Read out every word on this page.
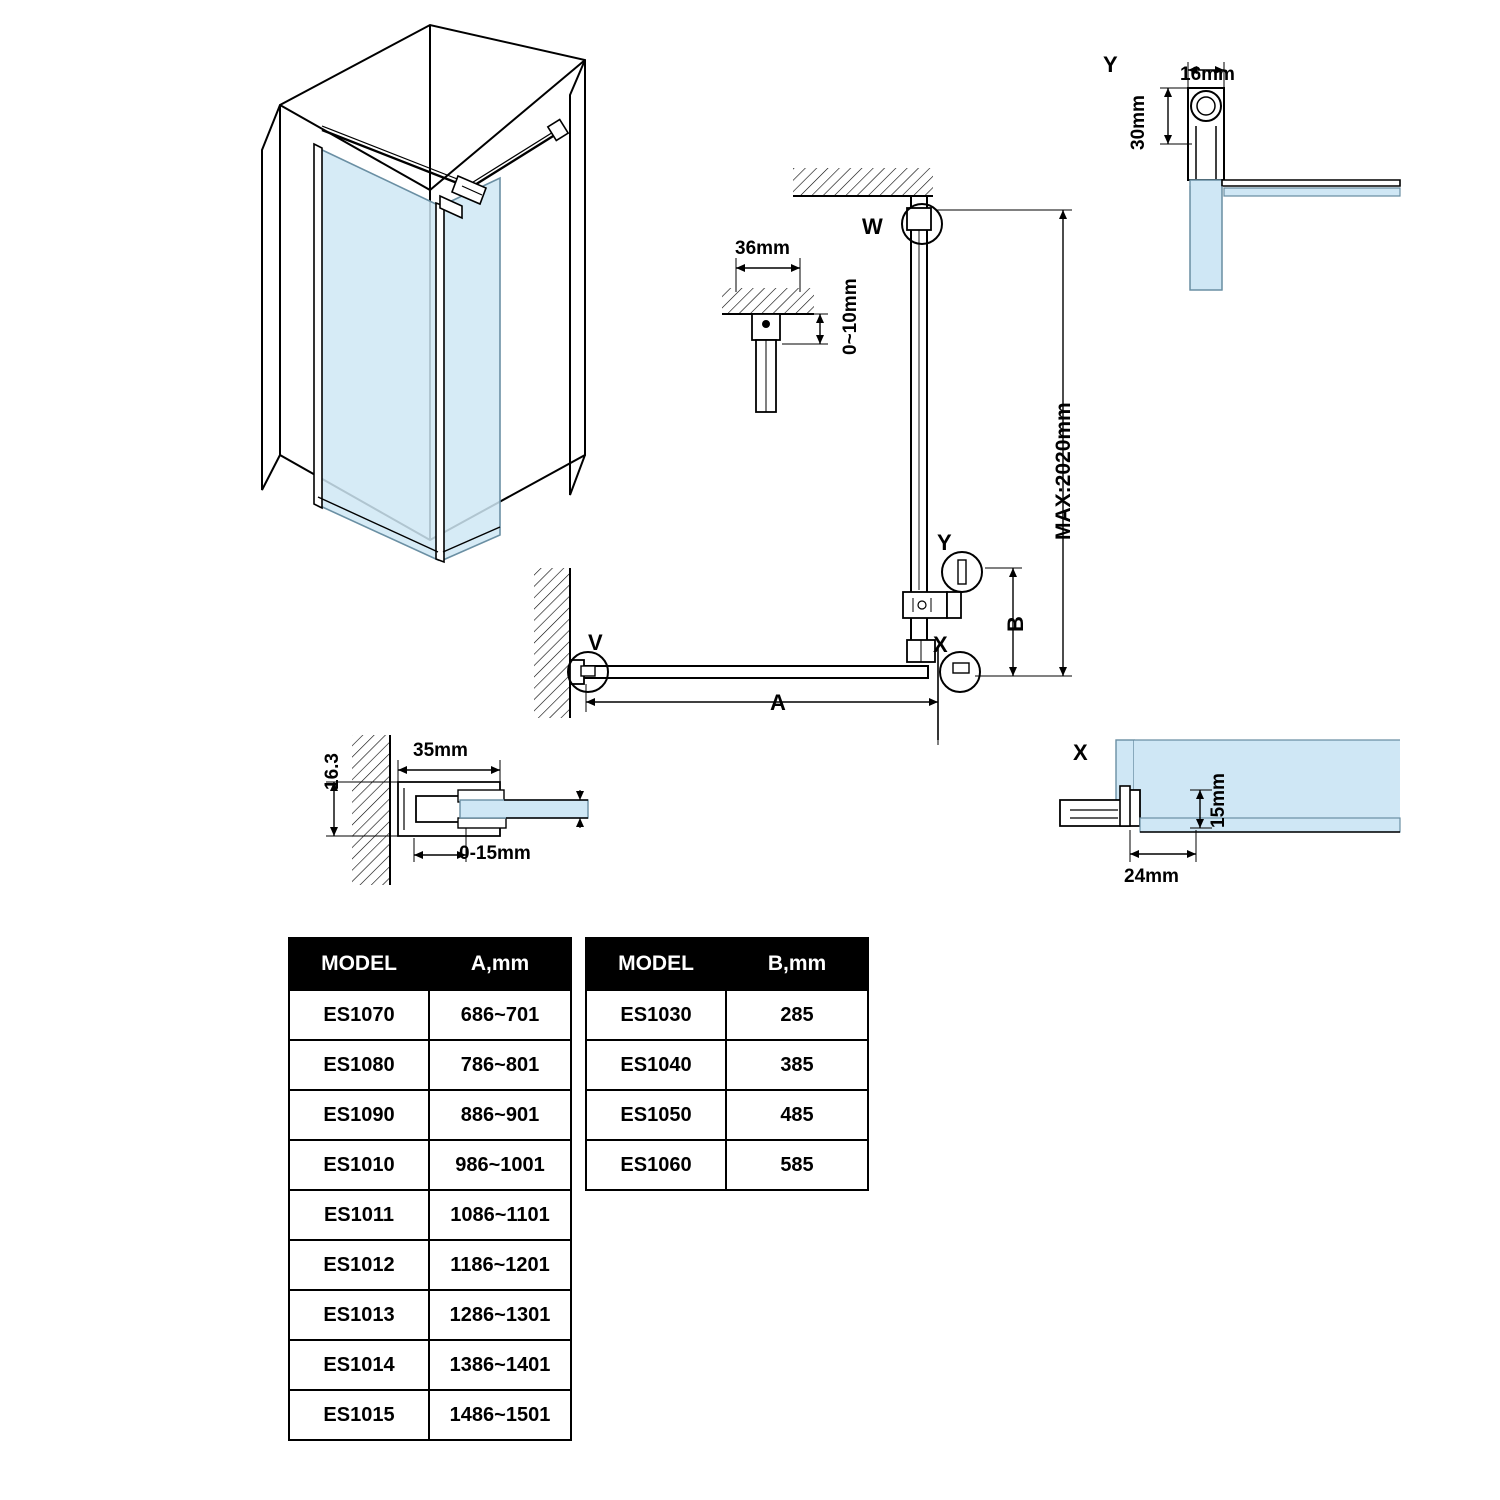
Y	16mm
30mm
36mm
0~10mm
W
Y
X
V
MAX:2020mm
B
A
16.3
35mm
0-15mm
X
15mm
24mm
MODEL	A,mm
ES1070	686~701
ES1080	786~801
ES1090	886~901
ES1010	986~1001
ES1011	1086~1101
ES1012	1186~1201
ES1013	1286~1301
ES1014	1386~1401
ES1015	1486~1501
MODEL	B,mm
ES1030	285
ES1040	385
ES1050	485
ES1060	585
